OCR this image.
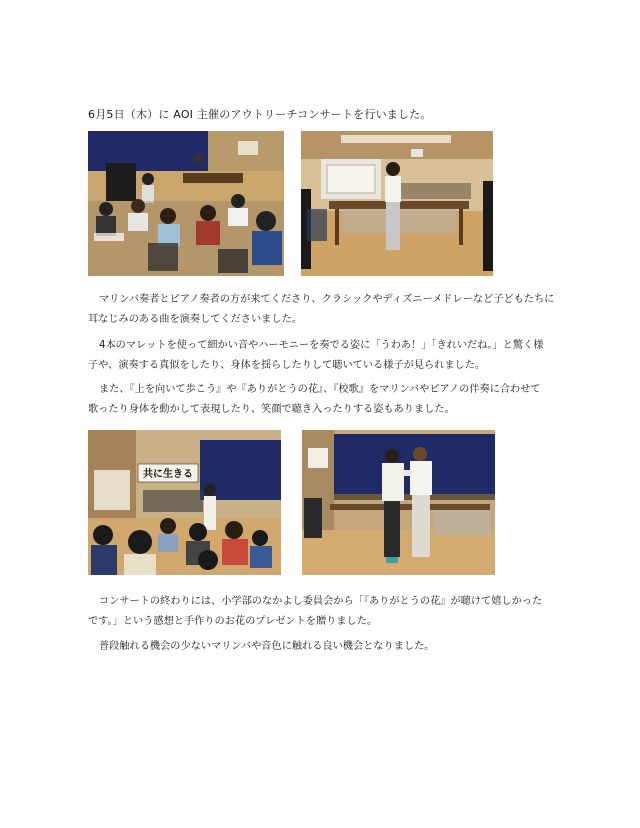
6月5日（木）に AOI 主催のアウトリーチコンサートを行いました。

マリンバ奏者とピアノ奏者の方が来てくださり、クラシックやディズニーメドレーなど子どもたちに
耳なじみのある曲を演奏してくださいました。

4本のマレットを使って細かい音やハーモニーを奏でる姿に「うわあ！」「きれいだね。」と驚く様
子や、演奏する真似をしたり、身体を揺らしたりして聴いている様子が見られました。

また、『上を向いて歩こう』や『ありがとうの花』、『校歌』をマリンバやピアノの伴奏に合わせて
歌ったり身体を動かして表現したり、笑顔で聴き入ったりする姿もありました。

共に生きる

コンサートの終わりには、小学部のなかよし委員会から「『ありがとうの花』が聴けて嬉しかった
です。」という感想と手作りのお花のプレゼントを贈りました。

普段触れる機会の少ないマリンバや音色に触れる良い機会となりました。
